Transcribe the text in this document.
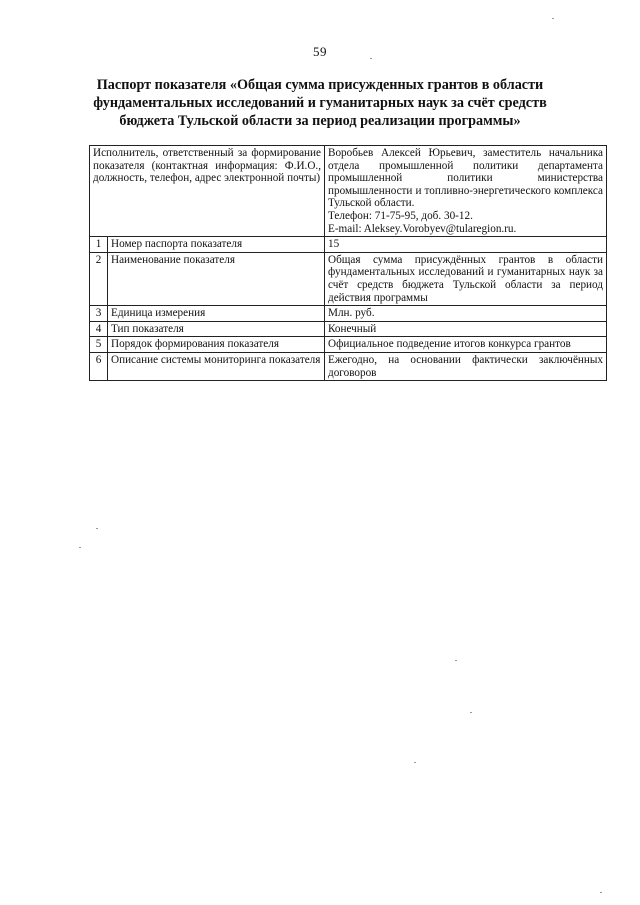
59
Паспорт показателя «Общая сумма присужденных грантов в области
фундаментальных исследований и гуманитарных наук за счёт средств
бюджета Тульской области за период реализации программы»
Исполнитель, ответственный за формирование показателя (контактная информация: Ф.И.О., должность, телефон, адрес электронной почты)		Воробьев Алексей Юрьевич, заместитель начальника отдела промышленной политики департамента промышленной политики министерства промышленности и топливно-энергетического комплекса Тульской области.
Телефон: 71-75-95, доб. 30-12.
E-mail: Aleksey.Vorobyev@tularegion.ru.

1	Номер паспорта показателя	15
2	Наименование показателя	Общая сумма присуждённых грантов в области фундаментальных исследований и гуманитарных наук за счёт средств бюджета Тульской области за период действия программы
3	Единица измерения	Млн. руб.
4	Тип показателя	Конечный
5	Порядок формирования показателя	Официальное подведение итогов конкурса грантов
6	Описание системы мониторинга показателя	Ежегодно, на основании фактически заключённых договоров
